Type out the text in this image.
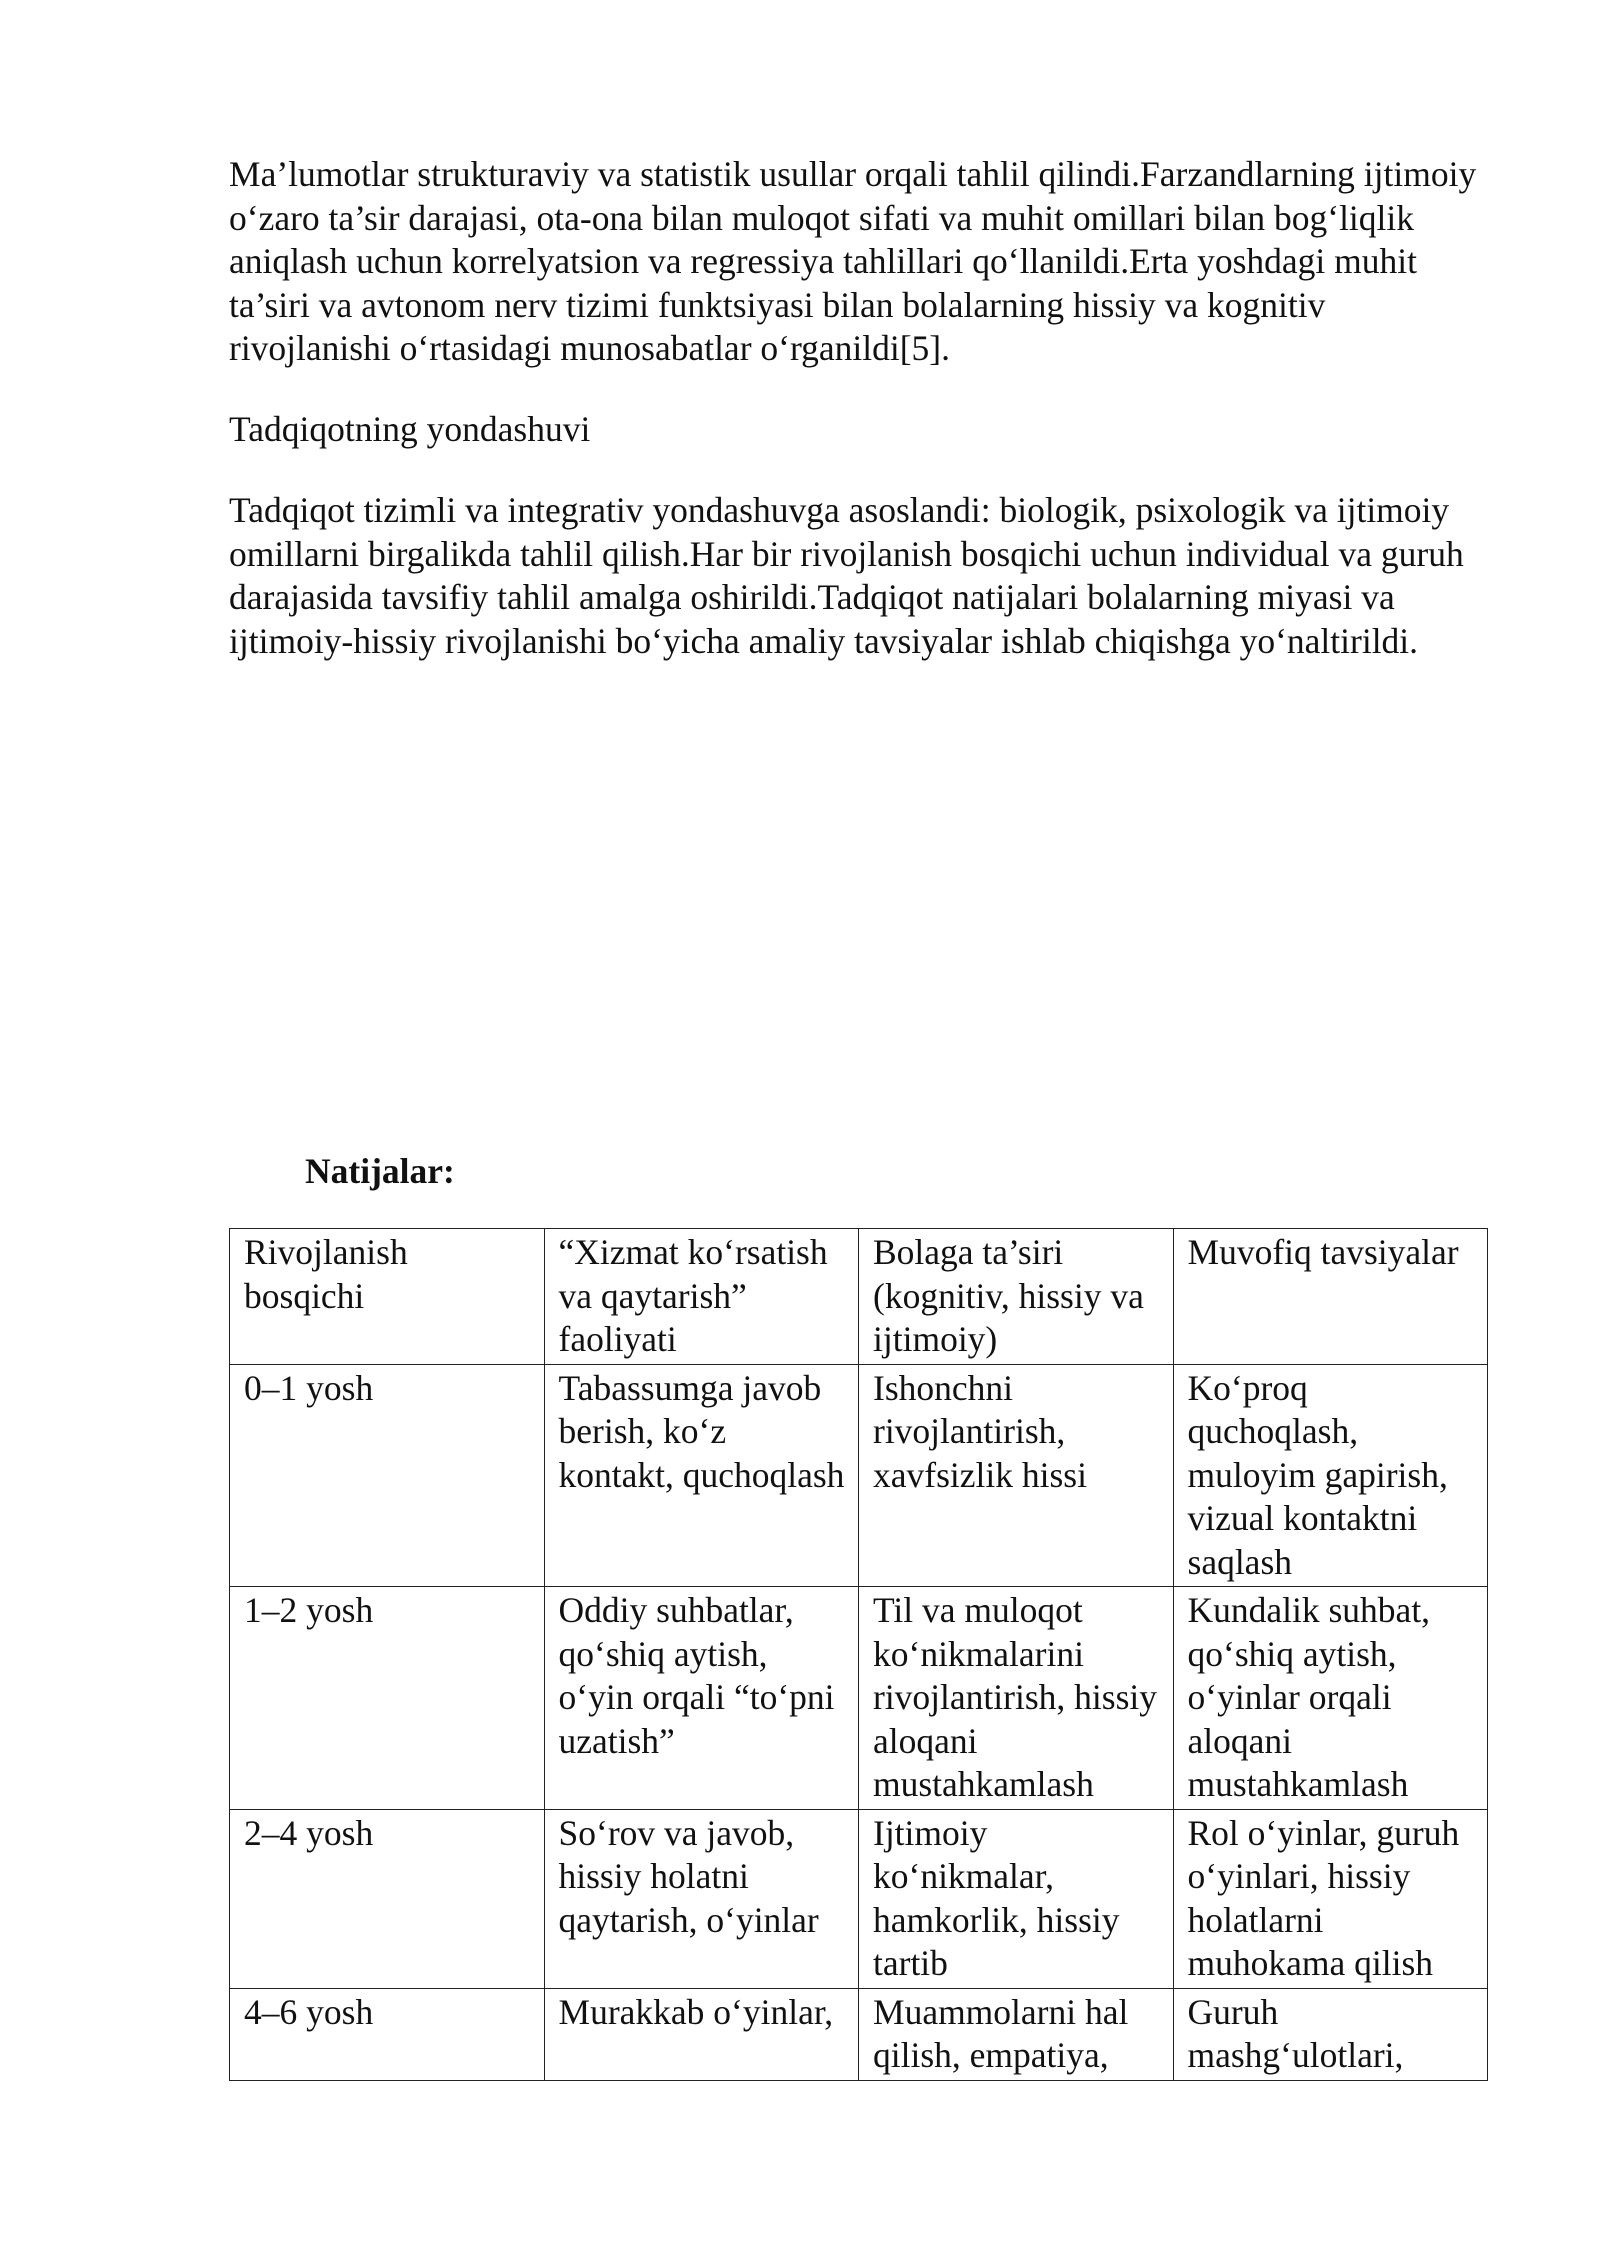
Ma’lumotlar strukturaviy va statistik usullar orqali tahlil qilindi.Farzandlarning ijtimoiy o‘zaro ta’sir darajasi, ota-ona bilan muloqot sifati va muhit omillari bilan bog‘liqlik aniqlash uchun korrelyatsion va regressiya tahlillari qo‘llanildi.Erta yoshdagi muhit ta’siri va avtonom nerv tizimi funktsiyasi bilan bolalarning hissiy va kognitiv rivojlanishi o‘rtasidagi munosabatlar o‘rganildi[5].

Tadqiqotning yondashuvi

Tadqiqot tizimli va integrativ yondashuvga asoslandi: biologik, psixologik va ijtimoiy omillarni birgalikda tahlil qilish.Har bir rivojlanish bosqichi uchun individual va guruh darajasida tavsifiy tahlil amalga oshirildi.Tadqiqot natijalari bolalarning miyasi va ijtimoiy-hissiy rivojlanishi bo‘yicha amaliy tavsiyalar ishlab chiqishga yo‘naltirildi.

Natijalar:

Rivojlanish bosqichi	“Xizmat ko‘rsatish va qaytarish” faoliyati	Bolaga ta’siri (kognitiv, hissiy va ijtimoiy)	Muvofiq tavsiyalar
0–1 yosh	Tabassumga javob berish, ko‘z kontakt, quchoqlash	Ishonchni rivojlantirish, xavfsizlik hissi	Ko‘proq quchoqlash, muloyim gapirish, vizual kontaktni saqlash
1–2 yosh	Oddiy suhbatlar, qo‘shiq aytish, o‘yin orqali “to‘pni uzatish”	Til va muloqot ko‘nikmalarini rivojlantirish, hissiy aloqani mustahkamlash	Kundalik suhbat, qo‘shiq aytish, o‘yinlar orqali aloqani mustahkamlash
2–4 yosh	So‘rov va javob, hissiy holatni qaytarish, o‘yinlar	Ijtimoiy ko‘nikmalar, hamkorlik, hissiy tartib	Rol o‘yinlar, guruh o‘yinlari, hissiy holatlarni muhokama qilish
4–6 yosh	Murakkab o‘yinlar,	Muammolarni hal qilish, empatiya,	Guruh mashg‘ulotlari,
